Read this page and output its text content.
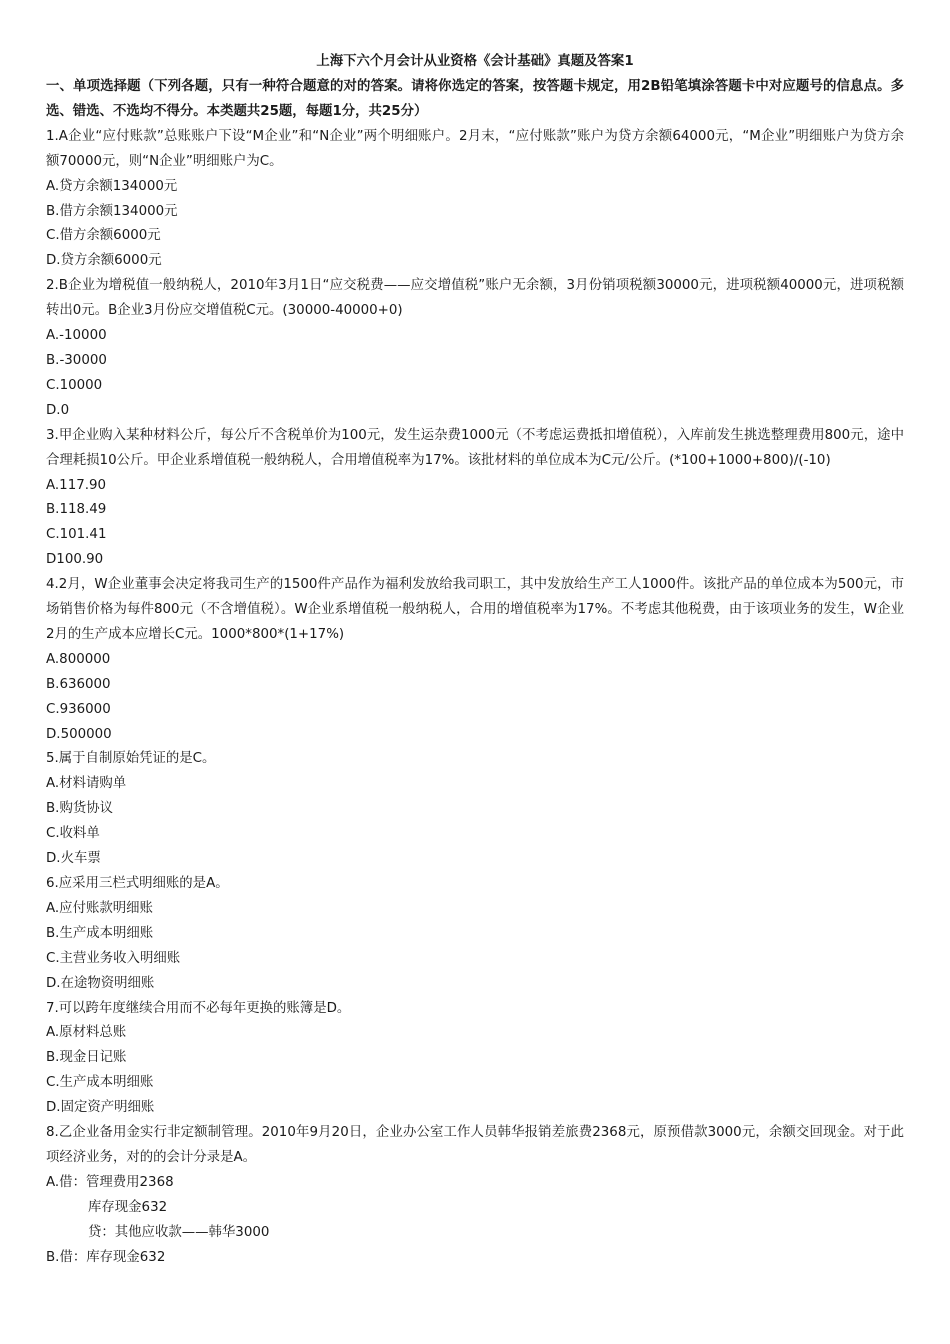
上海下六个月会计从业资格《会计基础》真题及答案1
一、单项选择题（下列各题，只有一种符合题意的对的答案。请将你选定的答案，按答题卡规定，用2B铅笔填涂答题卡中对应题号的信息点。多选、错选、不选均不得分。本类题共25题，每题1分，共25分）
1.A企业“应付账款”总账账户下设“M企业”和“N企业”两个明细账户。2月末，“应付账款”账户为贷方余额64000元，“M企业”明细账户为贷方余额70000元，则“N企业”明细账户为C。
A.贷方余额134000元
B.借方余额134000元
C.借方余额6000元
D.贷方余额6000元
2.B企业为增税值一般纳税人，2010年3月1日“应交税费——应交增值税”账户无余额，3月份销项税额30000元，进项税额40000元，进项税额转出0元。B企业3月份应交增值税C元。(30000-40000+0)
A.-10000
B.-30000
C.10000
D.0
3.甲企业购入某种材料公斤，每公斤不含税单价为100元，发生运杂费1000元（不考虑运费抵扣增值税），入库前发生挑选整理费用800元，途中合理耗损10公斤。甲企业系增值税一般纳税人，合用增值税率为17%。该批材料的单位成本为C元/公斤。(*100+1000+800)/(-10)
A.117.90
B.118.49
C.101.41
D100.90
4.2月，W企业董事会决定将我司生产的1500件产品作为福利发放给我司职工，其中发放给生产工人1000件。该批产品的单位成本为500元，市场销售价格为每件800元（不含增值税）。W企业系增值税一般纳税人，合用的增值税率为17%。不考虑其他税费，由于该项业务的发生，W企业2月的生产成本应增长C元。1000*800*(1+17%)
A.800000
B.636000
C.936000
D.500000
5.属于自制原始凭证的是C。
A.材料请购单
B.购货协议
C.收料单
D.火车票
6.应采用三栏式明细账的是A。
A.应付账款明细账
B.生产成本明细账
C.主营业务收入明细账
D.在途物资明细账
7.可以跨年度继续合用而不必每年更换的账簿是D。
A.原材料总账
B.现金日记账
C.生产成本明细账
D.固定资产明细账
8.乙企业备用金实行非定额制管理。2010年9月20日，企业办公室工作人员韩华报销差旅费2368元，原预借款3000元，余额交回现金。对于此项经济业务，对的的会计分录是A。
A.借：管理费用2368
库存现金632
贷：其他应收款——韩华3000
B.借：库存现金632
